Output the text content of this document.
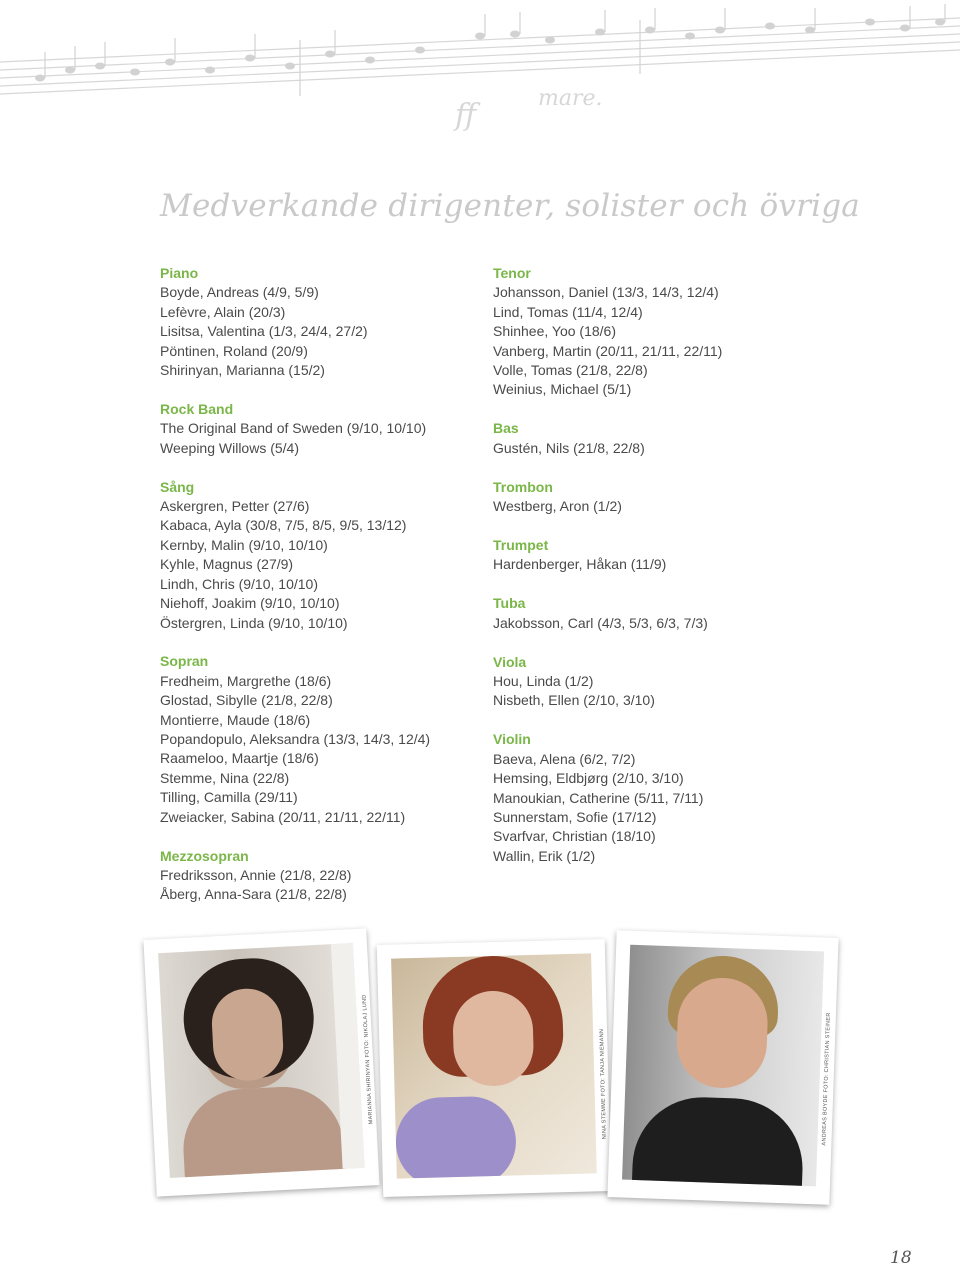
ff	mare.
Medverkande dirigenter, solister och övriga
Piano
Boyde, Andreas (4/9, 5/9)
Lefèvre, Alain (20/3)
Lisitsa, Valentina (1/3, 24/4, 27/2)
Pöntinen, Roland (20/9)
Shirinyan, Marianna (15/2)
Rock Band
The Original Band of Sweden (9/10, 10/10)
Weeping Willows (5/4)
Sång
Askergren, Petter (27/6)
Kabaca, Ayla (30/8, 7/5, 8/5, 9/5, 13/12)
Kernby, Malin (9/10, 10/10)
Kyhle, Magnus (27/9)
Lindh, Chris (9/10, 10/10)
Niehoff, Joakim (9/10, 10/10)
Östergren, Linda (9/10, 10/10)
Sopran
Fredheim, Margrethe (18/6)
Glostad, Sibylle (21/8, 22/8)
Montierre, Maude (18/6)
Popandopulo, Aleksandra (13/3, 14/3, 12/4)
Raameloo, Maartje (18/6)
Stemme, Nina (22/8)
Tilling, Camilla (29/11)
Zweiacker, Sabina (20/11, 21/11, 22/11)
Mezzosopran
Fredriksson, Annie (21/8, 22/8)
Åberg, Anna-Sara (21/8, 22/8)
Tenor
Johansson, Daniel (13/3, 14/3, 12/4)
Lind, Tomas (11/4, 12/4)
Shinhee, Yoo (18/6)
Vanberg, Martin (20/11, 21/11, 22/11)
Volle, Tomas (21/8, 22/8)
Weinius, Michael (5/1)
Bas
Gustén, Nils (21/8, 22/8)
Trombon
Westberg, Aron (1/2)
Trumpet
Hardenberger, Håkan (11/9)
Tuba
Jakobsson, Carl (4/3, 5/3, 6/3, 7/3)
Viola
Hou, Linda (1/2)
Nisbeth, Ellen (2/10, 3/10)
Violin
Baeva, Alena (6/2, 7/2)
Hemsing, Eldbjørg (2/10, 3/10)
Manoukian, Catherine (5/11, 7/11)
Sunnerstam, Sofie (17/12)
Svarfvar, Christian (18/10)
Wallin, Erik (1/2)
MARIANNA SHIRINYAN FOTO: NIKOLAJ LUND	NINA STEMME FOTO: TANJA NIEMANN	ANDREAS BOYDE FOTO: CHRISTIAN STEINER
18
